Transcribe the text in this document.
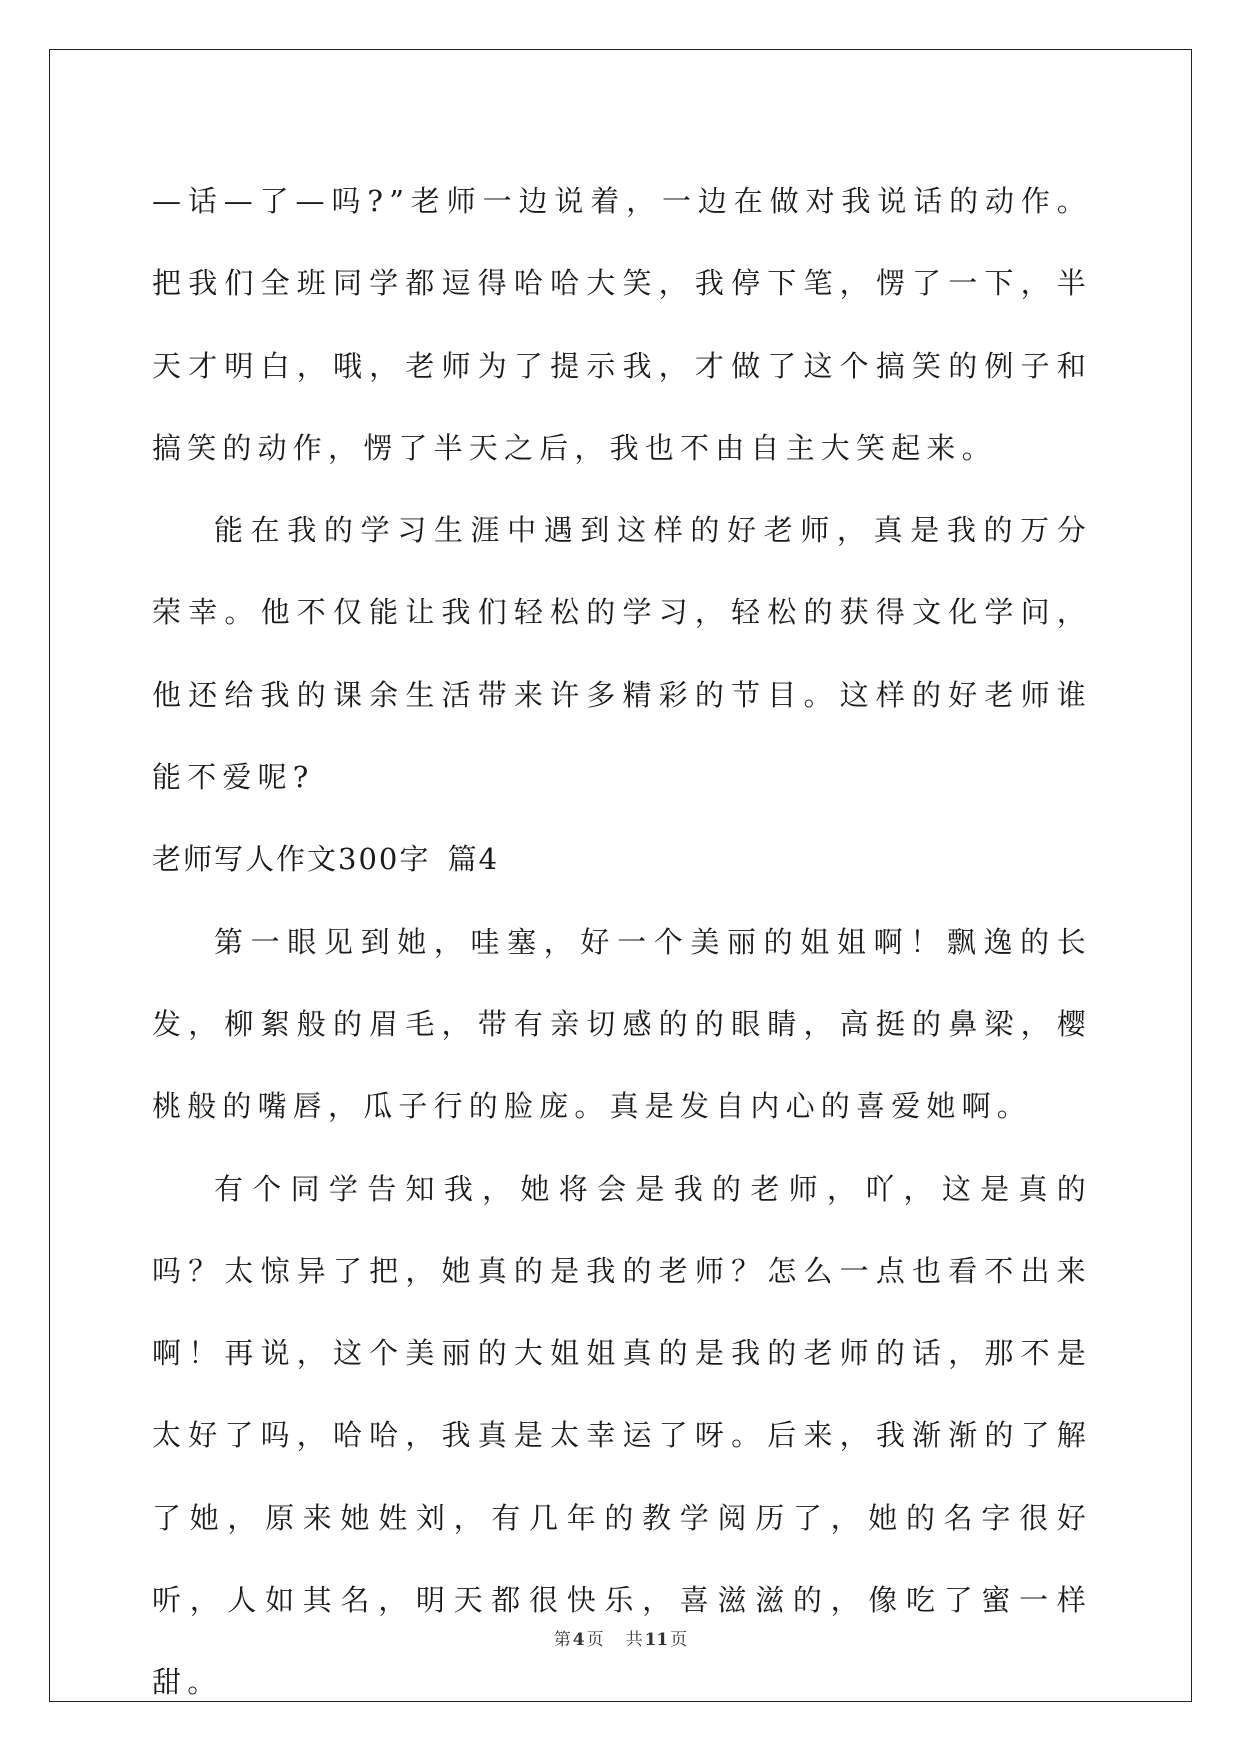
—话—了—吗?”老师一边说着，一边在做对我说话的动作。把我们全班同学都逗得哈哈大笑，我停下笔，愣了一下，半天才明白，哦，老师为了提示我，才做了这个搞笑的例子和搞笑的动作，愣了半天之后，我也不由自主大笑起来。

能在我的学习生涯中遇到这样的好老师，真是我的万分荣幸。他不仅能让我们轻松的学习，轻松的获得文化学问，他还给我的课余生活带来许多精彩的节目。这样的好老师谁能不爱呢?

老师写人作文300字 篇4

第一眼见到她，哇塞，好一个美丽的姐姐啊！飘逸的长发，柳絮般的眉毛，带有亲切感的的眼睛，高挺的鼻梁，樱桃般的嘴唇，瓜子行的脸庞。真是发自内心的喜爱她啊。

有个同学告知我，她将会是我的老师，吖，这是真的吗？太惊异了把，她真的是我的老师？怎么一点也看不出来啊！再说，这个美丽的大姐姐真的是我的老师的话，那不是太好了吗，哈哈，我真是太幸运了呀。后来，我渐渐的了解了她，原来她姓刘，有几年的教学阅历了，她的名字很好听，人如其名，明天都很快乐，喜滋滋的，像吃了蜜一样甜。

第 4 页 共 11 页
